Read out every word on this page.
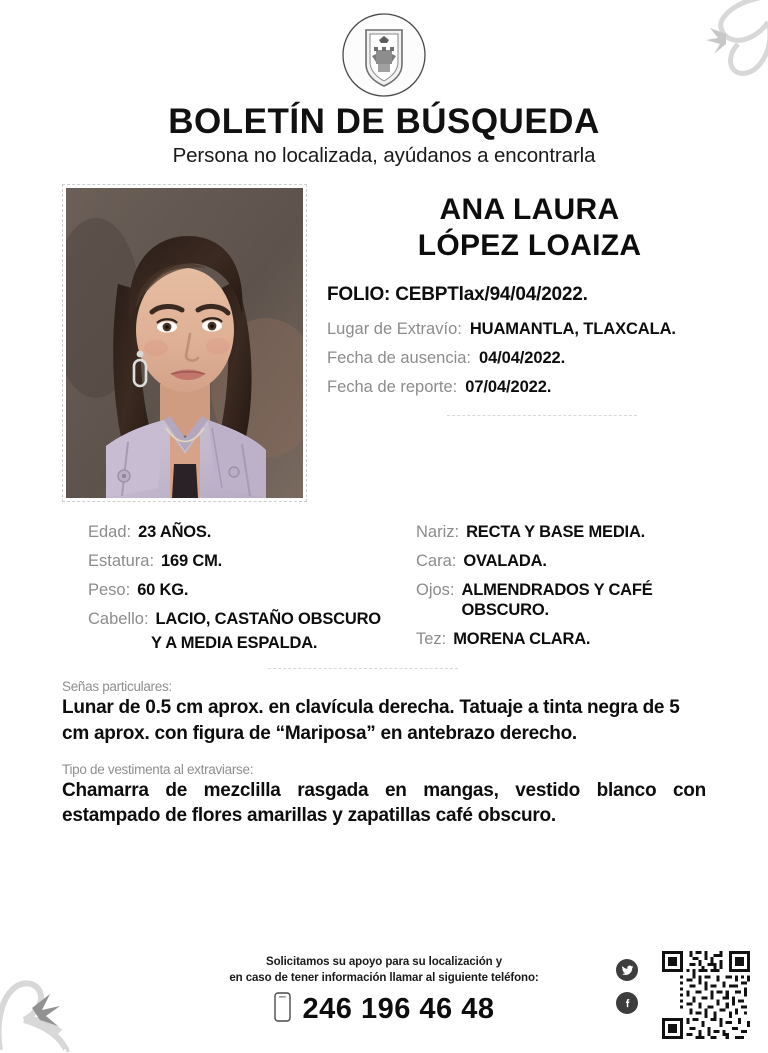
BOLETÍN DE BÚSQUEDA
Persona no localizada, ayúdanos a encontrarla
ANA LAURA
LÓPEZ LOAIZA
FOLIO: CEBPTlax/94/04/2022.
Lugar de Extravío: HUAMANTLA, TLAXCALA.
Fecha de ausencia: 04/04/2022.
Fecha de reporte: 07/04/2022.
Edad: 23 AÑOS.
Estatura: 169 CM.
Peso: 60 KG.
Cabello: LACIO, CASTAÑO OBSCURO
Y A MEDIA ESPALDA.
Nariz: RECTA Y BASE MEDIA.
Cara: OVALADA.
Ojos: ALMENDRADOS Y CAFÉ OBSCURO.
Tez: MORENA CLARA.
Señas particulares:
Lunar de 0.5 cm aprox. en clavícula derecha. Tatuaje a tinta negra de 5 cm aprox. con figura de “Mariposa” en antebrazo derecho.
Tipo de vestimenta al extraviarse:
Chamarra de mezclilla rasgada en mangas, vestido blanco con estampado de flores amarillas y zapatillas café obscuro.
Solicitamos su apoyo para su localización y
en caso de tener información llamar al siguiente teléfono:
246 196 46 48
